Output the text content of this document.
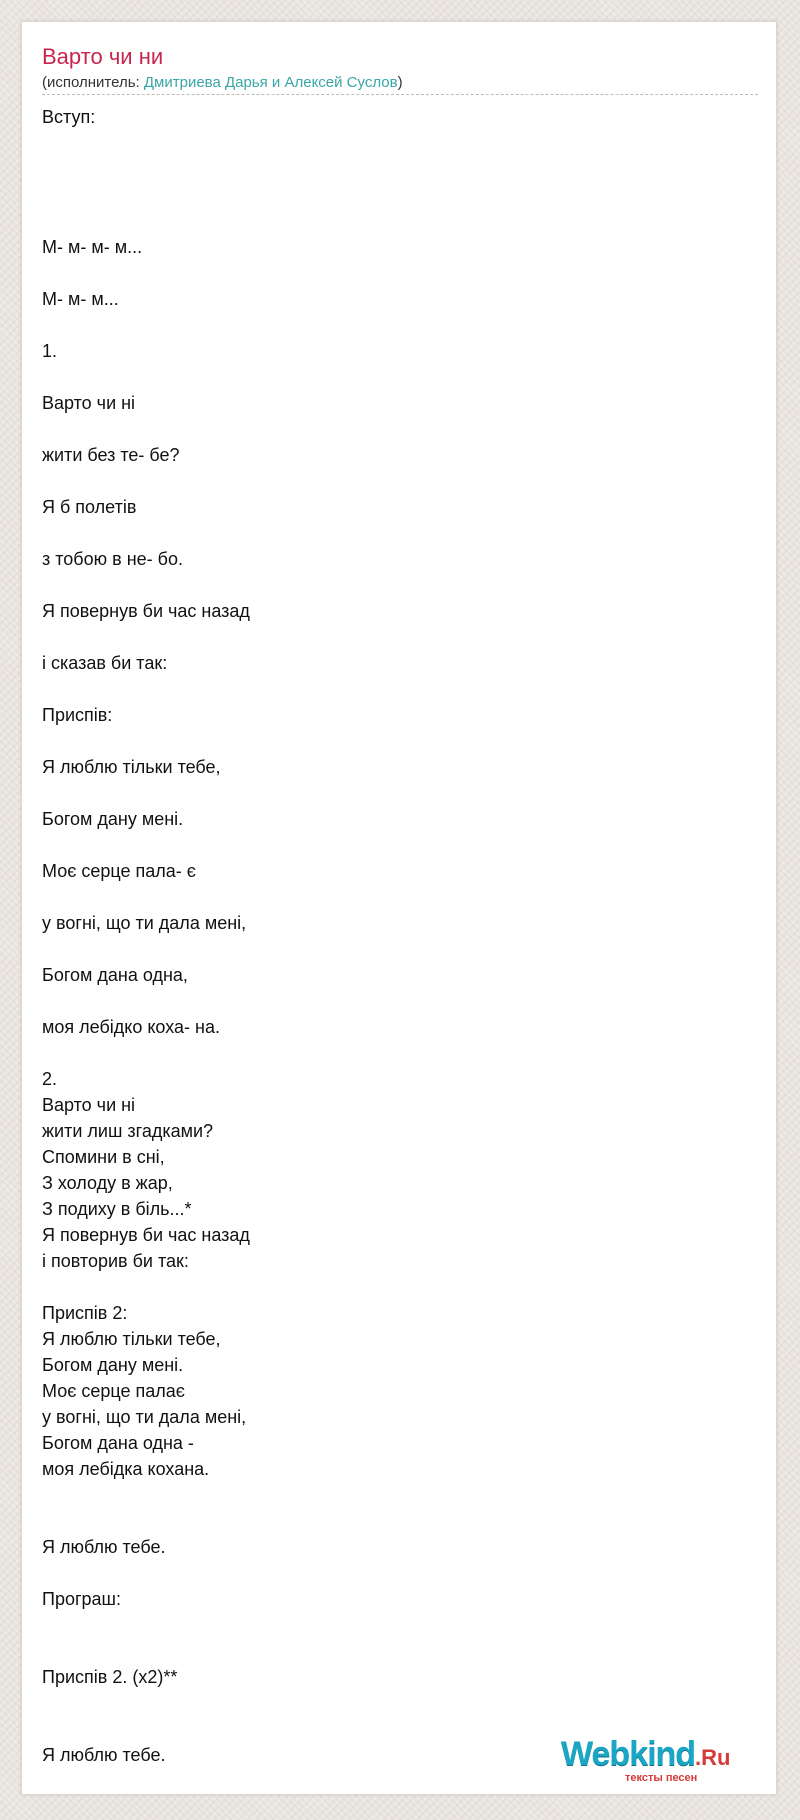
Варто чи ни
(исполнитель: Дмитриева Дарья и Алексей Суслов)
Вступ:
М- м- м- м...
М- м- м...
1.
Варто чи ні
жити без те- бе?
Я б полетів
з тобою в не- бо.
Я повернув би час назад
і сказав би так:
Приспів:
Я люблю тільки тебе,
Богом дану мені.
Моє серце пала- є
у вогні, що ти дала мені,
Богом дана одна,
моя лебідко коха- на.
2.
Варто чи ні
жити лиш згадками?
Спомини в сні,
З холоду в жар,
З подиху в біль...*
Я повернув би час назад
і повторив би так:
Приспів 2:
Я люблю тільки тебе,
Богом дану мені.
Моє серце палає
у вогні, що ти дала мені,
Богом дана одна -
моя лебідка кохана.
Я люблю тебе.
Програш:
Приспів 2. (x2)**
Я люблю тебе.	Webkind.Ru
тексты песен
